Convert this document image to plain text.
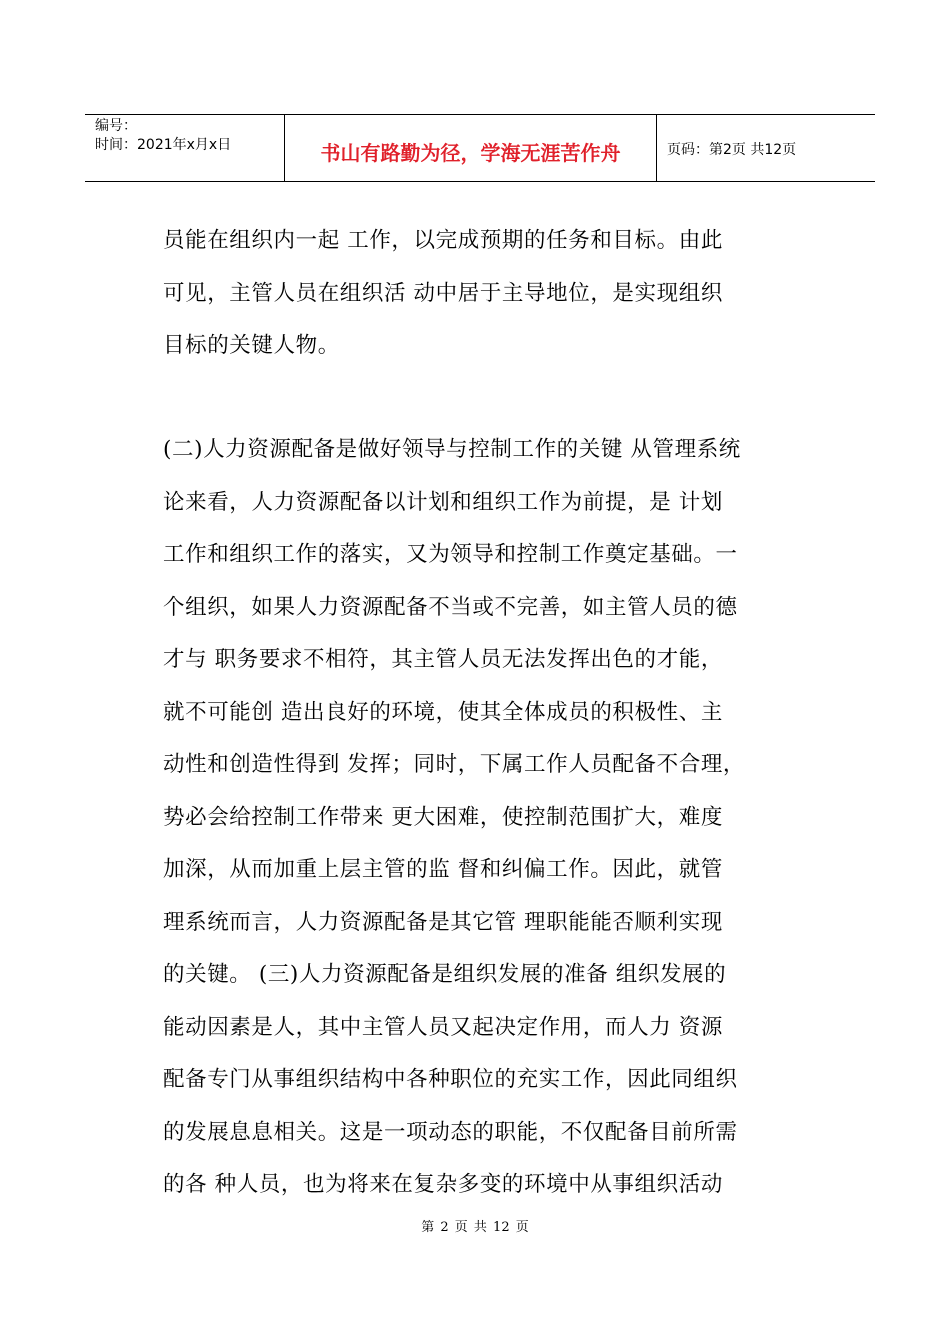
编号：
时间：2021年x月x日	书山有路勤为径，学海无涯苦作舟	页码：第2页 共12页
员能在组织内一起 工作，以完成预期的任务和目标。由此
可见，主管人员在组织活 动中居于主导地位，是实现组织
目标的关键人物。
(二)人力资源配备是做好领导与控制工作的关键 从管理系统
论来看，人力资源配备以计划和组织工作为前提，是 计划
工作和组织工作的落实，又为领导和控制工作奠定基础。一
个组织，如果人力资源配备不当或不完善，如主管人员的德
才与 职务要求不相符，其主管人员无法发挥出色的才能，
就不可能创 造出良好的环境，使其全体成员的积极性、主
动性和创造性得到 发挥；同时，下属工作人员配备不合理，
势必会给控制工作带来 更大困难，使控制范围扩大，难度
加深，从而加重上层主管的监 督和纠偏工作。因此，就管
理系统而言，人力资源配备是其它管 理职能能否顺利实现
的关键。 (三)人力资源配备是组织发展的准备 组织发展的
能动因素是人，其中主管人员又起决定作用，而人力 资源
配备专门从事组织结构中各种职位的充实工作，因此同组织
的发展息息相关。这是一项动态的职能，不仅配备目前所需
的各 种人员，也为将来在复杂多变的环境中从事组织活动
第 2 页 共 12 页
